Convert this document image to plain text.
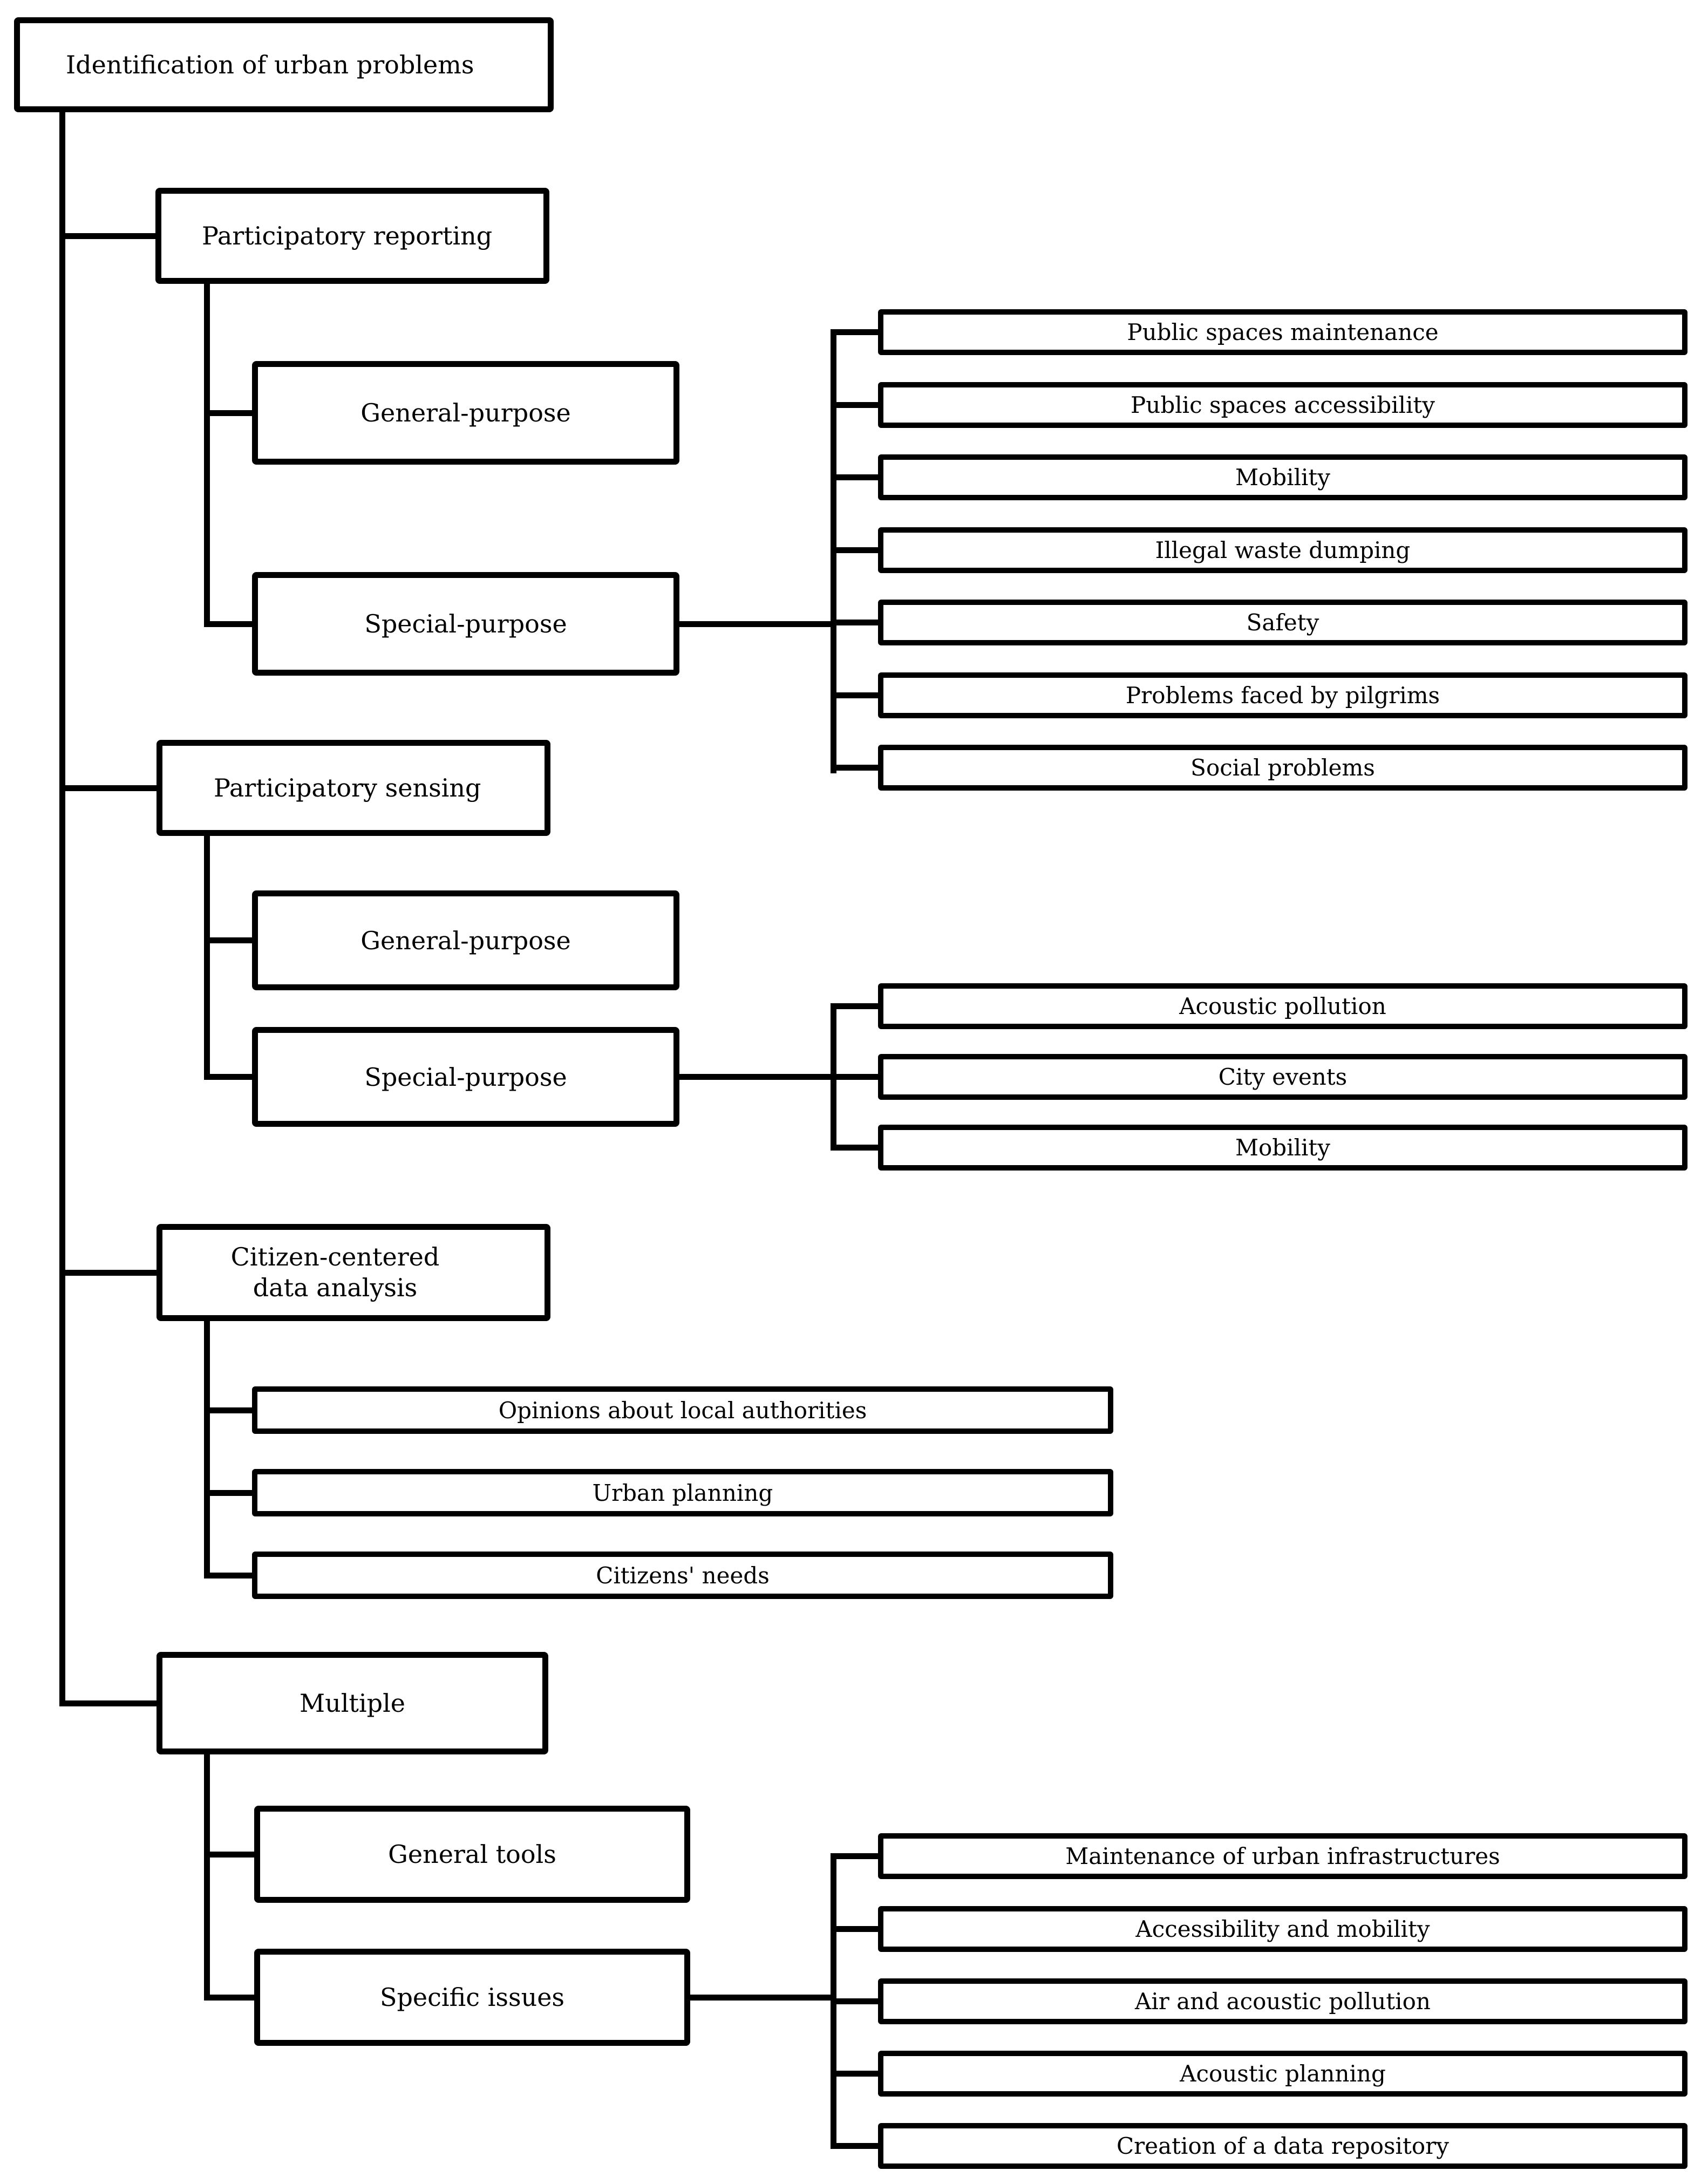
Identification of urban problems
Participatory reporting
Participatory sensing
Citizen-centered data analysis
Multiple
General-purpose
Special-purpose
General-purpose
Special-purpose
General tools
Specific issues
Public spaces maintenance
Public spaces accessibility
Mobility
Illegal waste dumping
Safety
Problems faced by pilgrims
Social problems
Acoustic pollution
City events
Mobility
Opinions about local authorities
Urban planning
Citizens' needs
Maintenance of urban infrastructures
Accessibility and mobility
Air and acoustic pollution
Acoustic planning
Creation of a data repository
